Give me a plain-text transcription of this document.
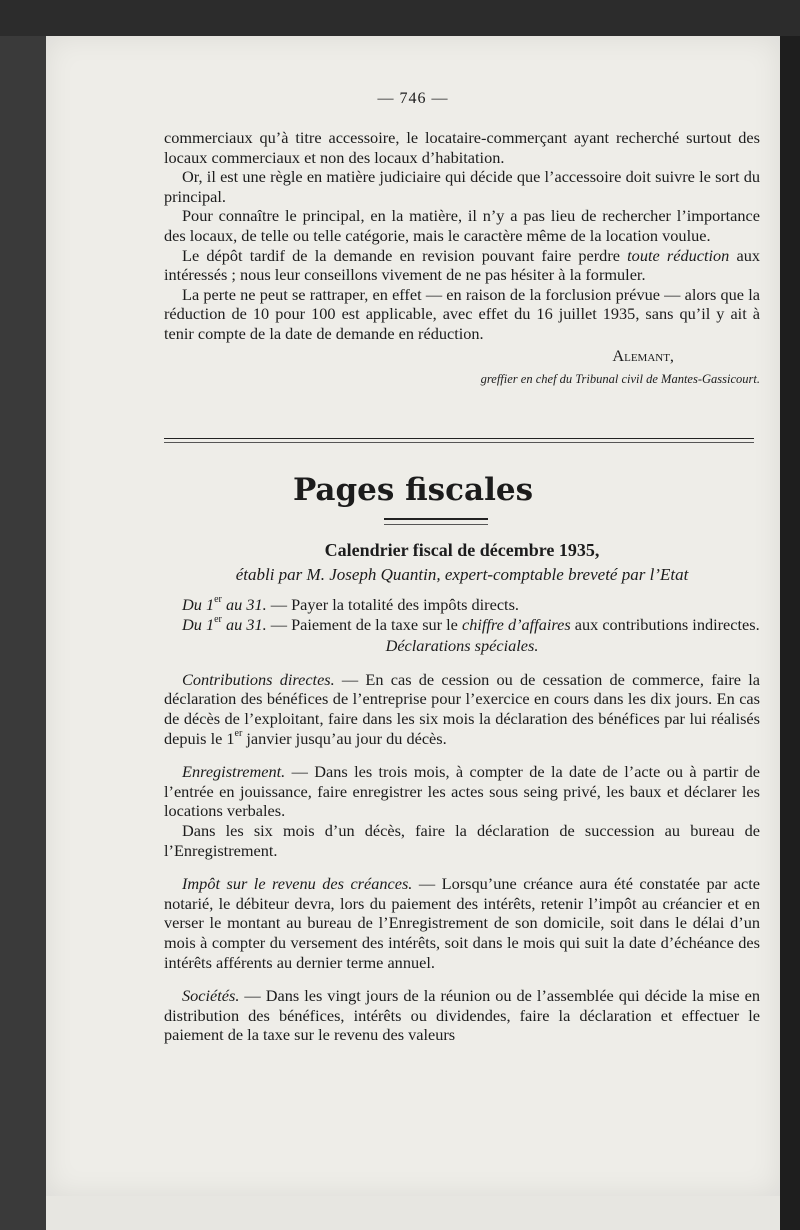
— 746 —

commerciaux qu’à titre accessoire, le locataire-commerçant ayant recherché surtout des locaux commerciaux et non des locaux d’habitation.

Or, il est une règle en matière judiciaire qui décide que l’accessoire doit suivre le sort du principal.

Pour connaître le principal, en la matière, il n’y a pas lieu de rechercher l’importance des locaux, de telle ou telle catégorie, mais le caractère même de la location voulue.

Le dépôt tardif de la demande en revision pouvant faire perdre toute réduction aux intéressés ; nous leur conseillons vivement de ne pas hésiter à la formuler.

La perte ne peut se rattraper, en effet — en raison de la forclusion prévue — alors que la réduction de 10 pour 100 est applicable, avec effet du 16 juillet 1935, sans qu’il y ait à tenir compte de la date de demande en réduction.

Alemant,

greffier en chef du Tribunal civil de Mantes-Gassicourt.

Pages fiscales

Calendrier fiscal de décembre 1935,

établi par M. Joseph Quantin, expert-comptable breveté par l’Etat

Du 1er au 31. — Payer la totalité des impôts directs.

Du 1er au 31. — Paiement de la taxe sur le chiffre d’affaires aux contributions indirectes.

Déclarations spéciales.

Contributions directes. — En cas de cession ou de cessation de commerce, faire la déclaration des bénéfices de l’entreprise pour l’exercice en cours dans les dix jours. En cas de décès de l’exploitant, faire dans les six mois la déclaration des bénéfices par lui réalisés depuis le 1er janvier jusqu’au jour du décès.

Enregistrement. — Dans les trois mois, à compter de la date de l’acte ou à partir de l’entrée en jouissance, faire enregistrer les actes sous seing privé, les baux et déclarer les locations verbales.

Dans les six mois d’un décès, faire la déclaration de succession au bureau de l’Enregistrement.

Impôt sur le revenu des créances. — Lorsqu’une créance aura été constatée par acte notarié, le débiteur devra, lors du paiement des intérêts, retenir l’impôt au créancier et en verser le montant au bureau de l’Enregistrement de son domicile, soit dans le délai d’un mois à compter du versement des intérêts, soit dans le mois qui suit la date d’échéance des intérêts afférents au dernier terme annuel.

Sociétés. — Dans les vingt jours de la réunion ou de l’assemblée qui décide la mise en distribution des bénéfices, intérêts ou dividendes, faire la déclaration et effectuer le paiement de la taxe sur le revenu des valeurs
